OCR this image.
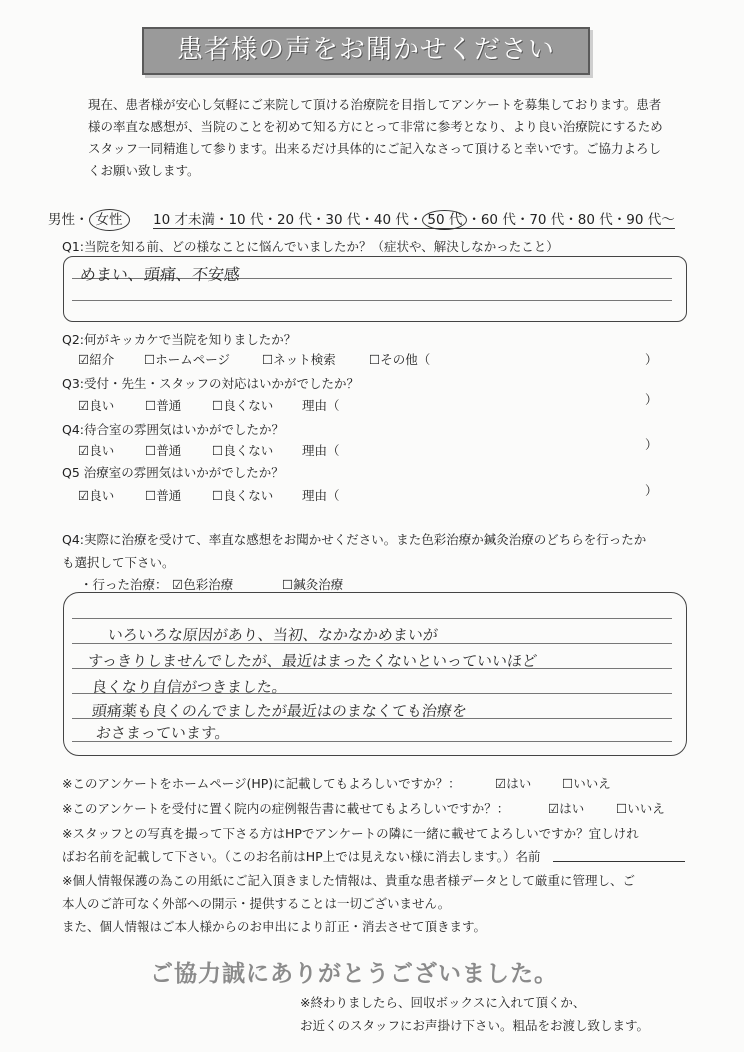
患者様の声をお聞かせください
現在、患者様が安心し気軽にご来院して頂ける治療院を目指してアンケートを募集しております。患者
様の率直な感想が、当院のことを初めて知る方にとって非常に参考となり、より良い治療院にするため
スタッフ一同精進して参ります。出来るだけ具体的にご記入なさって頂けると幸いです。ご協力よろし
くお願い致します。
男性・ 女性	10 才未満・10 代・20 代・30 代・40 代・ 50 代 ・60 代・70 代・80 代・90 代〜
Q1:当院を知る前、どの様なことに悩んでいましたか？（症状や、解決しなかったこと）
めまい、頭痛、不安感
Q2:何がキッカケで当院を知りましたか？
☑紹介 ☐ホームページ	☐ネット検索	☐その他（	）
Q3:受付・先生・スタッフの対応はいかがでしたか？
☑良い ☐普通 ☐良くない 理由（	）
Q4:待合室の雰囲気はいかがでしたか？
☑良い ☐普通 ☐良くない 理由（	）
Q5 治療室の雰囲気はいかがでしたか？
☑良い ☐普通 ☐良くない 理由（	）
Q4:実際に治療を受けて、率直な感想をお聞かせください。また色彩治療か鍼灸治療のどちらを行ったか
も選択して下さい。
・行った治療： ☑色彩治療	☐鍼灸治療
いろいろな原因があり、当初、なかなかめまいが
すっきりしませんでしたが、最近はまったくないといっていいほど
良くなり自信がつきました。
頭痛薬も良くのんでましたが最近はのまなくても治療を
おさまっています。
※このアンケートをホームページ(HP)に記載してもよろしいですか？：	☑はい ☐いいえ
※このアンケートを受付に置く院内の症例報告書に載せてもよろしいですか？：	☑はい	☐いいえ
※スタッフとの写真を撮って下さる方はHPでアンケートの隣に一緒に載せてよろしいですか？宜しけれ
ばお名前を記載して下さい。（このお名前はHP上では見えない様に消去します。）名前
※個人情報保護の為この用紙にご記入頂きました情報は、貴重な患者様データとして厳重に管理し、ご
本人のご許可なく外部への開示・提供することは一切ございません。
また、個人情報はご本人様からのお申出により訂正・消去させて頂きます。
ご協力誠にありがとうございました。
※終わりましたら、回収ボックスに入れて頂くか、
お近くのスタッフにお声掛け下さい。粗品をお渡し致します。
